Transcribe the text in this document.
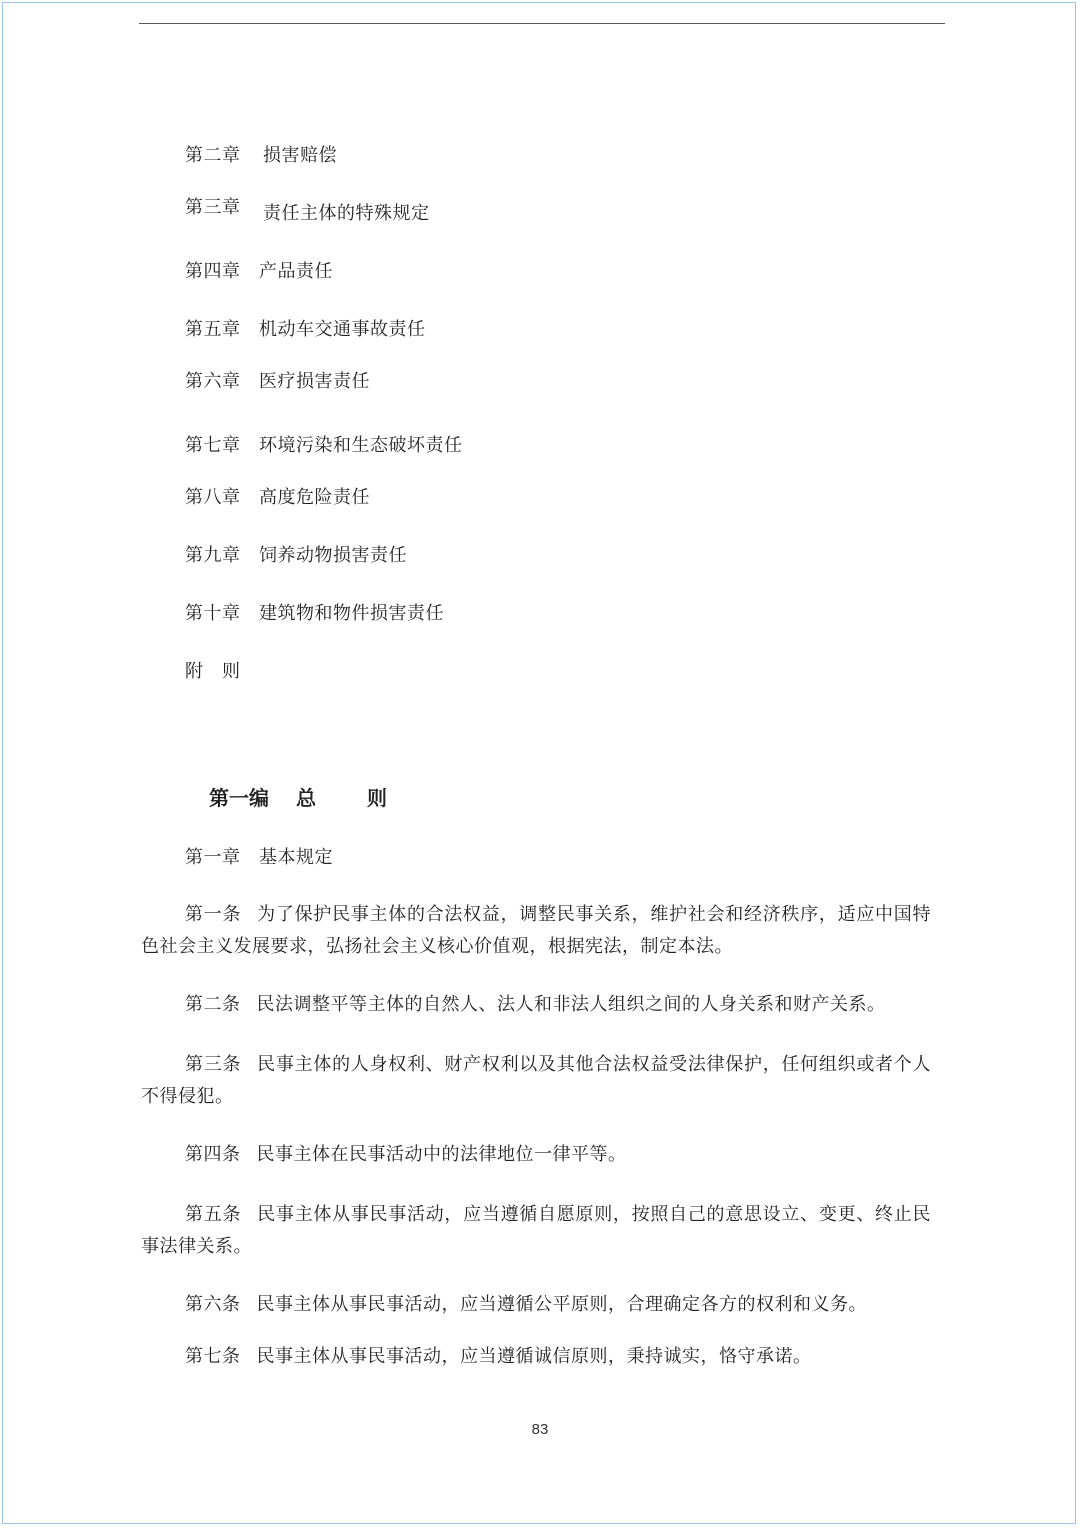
第二章 损害赔偿
第三章 责任主体的特殊规定
第四章 产品责任
第五章 机动车交通事故责任
第六章 医疗损害责任
第七章 环境污染和生态破坏责任
第八章 高度危险责任
第九章 饲养动物损害责任
第十章 建筑物和物件损害责任
附　则
第一编 总	则
第一章 基本规定
第一条 为了保护民事主体的合法权益，调整民事关系，维护社会和经济秩序，适应中国特色社会主义发展要求，弘扬社会主义核心价值观，根据宪法，制定本法。
第二条 民法调整平等主体的自然人、法人和非法人组织之间的人身关系和财产关系。
第三条 民事主体的人身权利、财产权利以及其他合法权益受法律保护，任何组织或者个人不得侵犯。
第四条 民事主体在民事活动中的法律地位一律平等。
第五条 民事主体从事民事活动，应当遵循自愿原则，按照自己的意思设立、变更、终止民事法律关系。
第六条 民事主体从事民事活动，应当遵循公平原则，合理确定各方的权利和义务。
第七条 民事主体从事民事活动，应当遵循诚信原则，秉持诚实，恪守承诺。
83
